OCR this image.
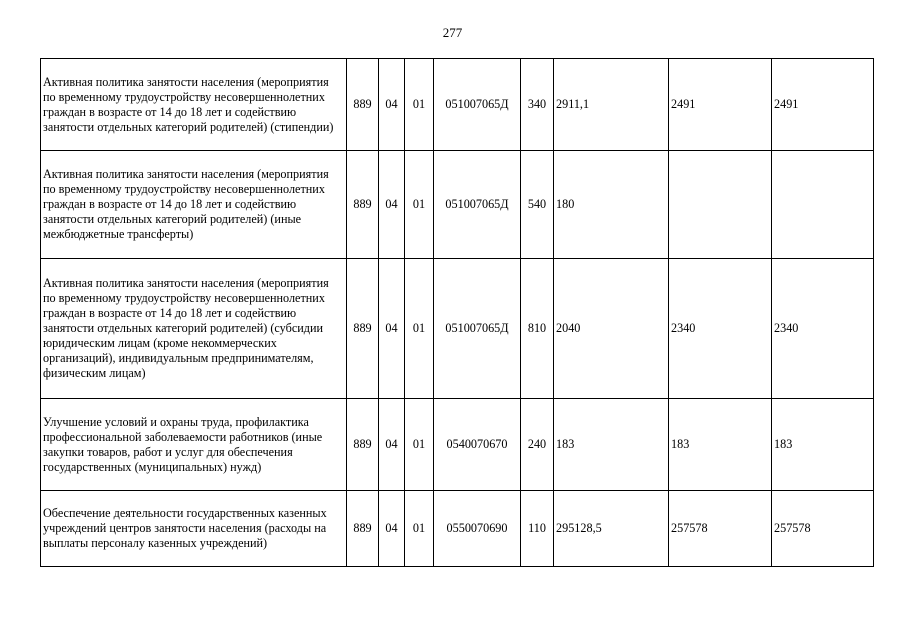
277
Активная политика занятости населения (мероприятия по временному трудоустройству несовершеннолетних граждан в возрасте от 14 до 18 лет и содействию занятости отдельных категорий родителей) (стипендии)	889	04	01	051007065Д	340	2911,1	2491	2491
Активная политика занятости населения (мероприятия по временному трудоустройству несовершеннолетних граждан в возрасте от 14 до 18 лет и содействию занятости отдельных категорий родителей) (иные межбюджетные трансферты)	889	04	01	051007065Д	540	180		
Активная политика занятости населения (мероприятия по временному трудоустройству несовершеннолетних граждан в возрасте от 14 до 18 лет и содействию занятости отдельных категорий родителей) (субсидии юридическим лицам (кроме некоммерческих организаций), индивидуальным предпринимателям, физическим лицам)	889	04	01	051007065Д	810	2040	2340	2340
Улучшение условий и охраны труда, профилактика профессиональной заболеваемости работников (иные закупки товаров, работ и услуг для обеспечения государственных (муниципальных) нужд)	889	04	01	0540070670	240	183	183	183
Обеспечение деятельности государственных казенных учреждений центров занятости населения (расходы на выплаты персоналу казенных учреждений)	889	04	01	0550070690	110	295128,5	257578	257578
